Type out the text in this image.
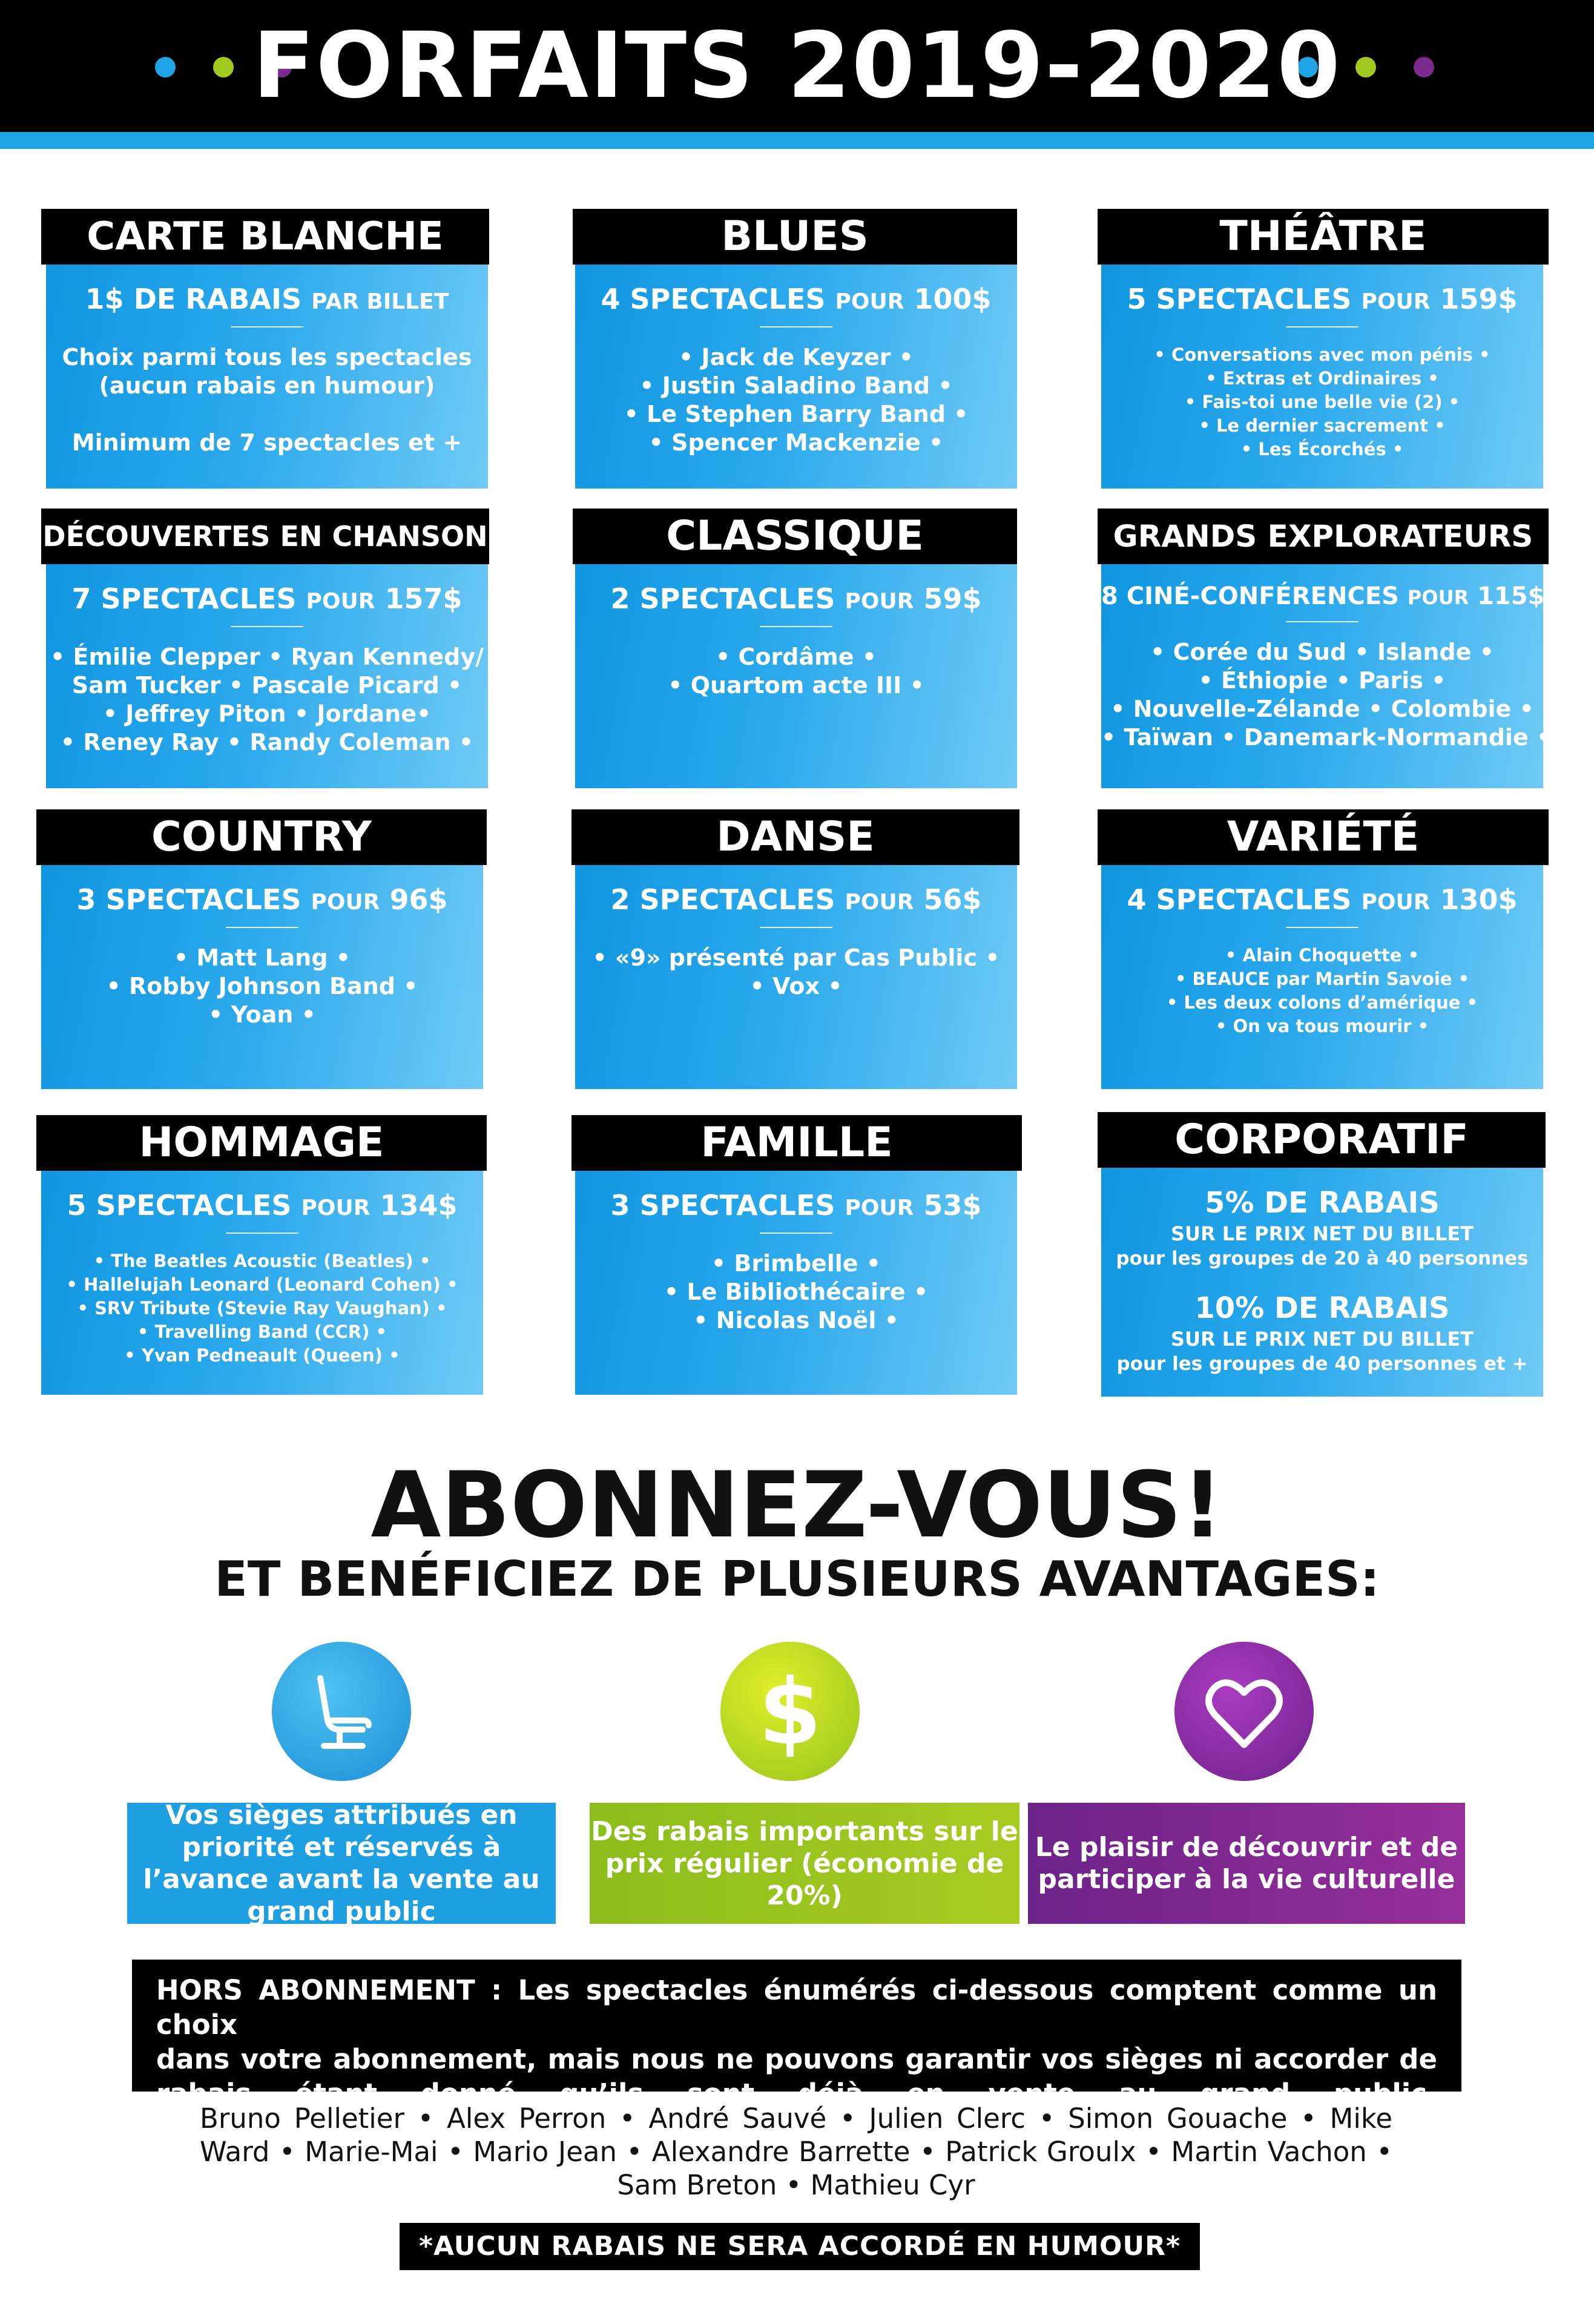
FORFAITS 2019-2020
CARTE BLANCHE
1$ DE RABAIS PAR BILLET
Choix parmi tous les spectacles
(aucun rabais en humour)
Minimum de 7 spectacles et +
BLUES
4 SPECTACLES POUR 100$
• Jack de Keyzer •
• Justin Saladino Band •
• Le Stephen Barry Band •
• Spencer Mackenzie •
THÉÂTRE
5 SPECTACLES POUR 159$
• Conversations avec mon pénis •
• Extras et Ordinaires •
• Fais-toi une belle vie (2) •
• Le dernier sacrement •
• Les Écorchés •
DÉCOUVERTES EN CHANSON
7 SPECTACLES POUR 157$
• Émilie Clepper • Ryan Kennedy/
Sam Tucker • Pascale Picard •
• Jeffrey Piton • Jordane•
• Reney Ray • Randy Coleman •
CLASSIQUE
2 SPECTACLES POUR 59$
• Cordâme •
• Quartom acte III •
GRANDS EXPLORATEURS
8 CINÉ-CONFÉRENCES POUR 115$
• Corée du Sud • Islande •
• Éthiopie • Paris •
• Nouvelle-Zélande • Colombie •
• Taïwan • Danemark-Normandie •
COUNTRY
3 SPECTACLES POUR 96$
• Matt Lang •
• Robby Johnson Band •
• Yoan •
DANSE
2 SPECTACLES POUR 56$
• «9» présenté par Cas Public •
• Vox •
VARIÉTÉ
4 SPECTACLES POUR 130$
• Alain Choquette •
• BEAUCE par Martin Savoie •
• Les deux colons d’amérique •
• On va tous mourir •
HOMMAGE
5 SPECTACLES POUR 134$
• The Beatles Acoustic (Beatles) •
• Hallelujah Leonard (Leonard Cohen) •
• SRV Tribute (Stevie Ray Vaughan) •
• Travelling Band (CCR) •
• Yvan Pedneault (Queen) •
FAMILLE
3 SPECTACLES POUR 53$
• Brimbelle •
• Le Bibliothécaire •
• Nicolas Noël •
CORPORATIF
5% DE RABAIS
SUR LE PRIX NET DU BILLET
pour les groupes de 20 à 40 personnes
10% DE RABAIS
SUR LE PRIX NET DU BILLET
pour les groupes de 40 personnes et +
ABONNEZ-VOUS!
ET BENÉFICIEZ DE PLUSIEURS AVANTAGES:
$
Vos sièges attribués en priorité et réservés à l’avance avant la vente au grand public
Des rabais importants sur le prix régulier (économie de 20%)
Le plaisir de découvrir et de participer à la vie culturelle
HORS ABONNEMENT : Les spectacles énumérés ci-dessous comptent comme un choix
dans votre abonnement, mais nous ne pouvons garantir vos sièges ni accorder de
rabais étant donné qu’ils sont déjà en vente au grand public.
Bruno Pelletier • Alex Perron • André Sauvé • Julien Clerc • Simon Gouache • Mike Ward • Marie-Mai • Mario Jean • Alexandre Barrette • Patrick Groulx • Martin Vachon • Sam Breton • Mathieu Cyr
*AUCUN RABAIS NE SERA ACCORDÉ EN HUMOUR*
